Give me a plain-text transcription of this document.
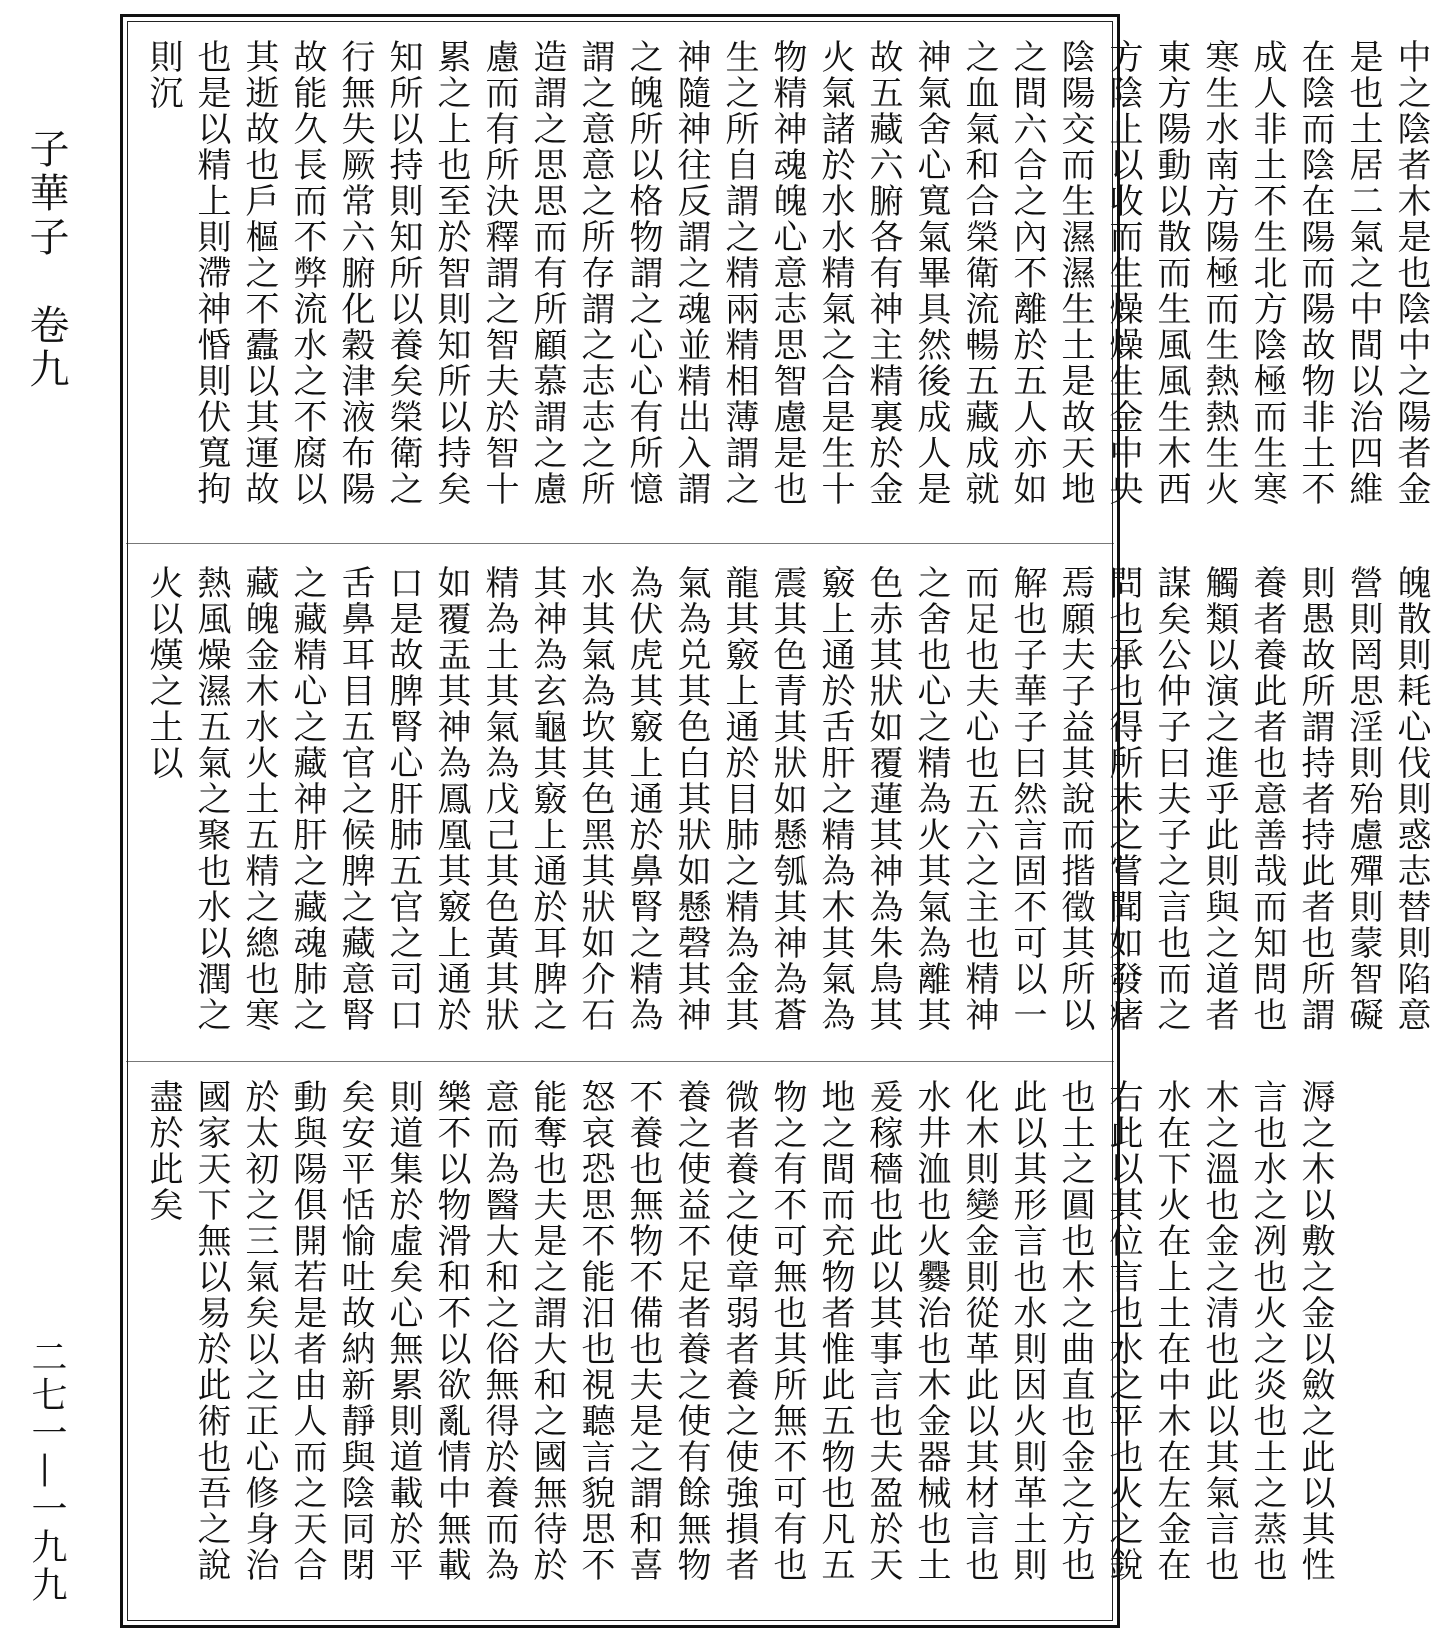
子華子　卷九
二七一—一九九
中之陰者木是也陰中之陽者金是也土居二氣之中間以治四維在陰而陰在陽而陽故物非土不成人非土不生北方陰極而生寒寒生水南方陽極而生熱熱生火東方陽動以散而生風風生木西方陰止以收而生燥燥生金中央陰陽交而生濕濕生土是故天地之間六合之內不離於五人亦如之血氣和合榮衛流暢五藏成就神氣舍心寬氣畢具然後成人是故五藏六腑各有神主精裏於金火氣諸於水水精氣之合是生十物精神魂魄心意志思智慮是也生之所自謂之精兩精相薄謂之神隨神往反謂之魂並精出入謂之魄所以格物謂之心心有所憶謂之意意之所存謂之志志之所造謂之思思而有所顧慕謂之慮慮而有所決釋謂之智夫於智十累之上也至於智則知所以持矣知所以持則知所以養矣榮衛之行無失厥常六腑化穀津液布陽故能久長而不弊流水之不腐以其逝故也戶樞之不蠹以其運故也是以精上則滯神惛則伏寬拘則沉
魄散則耗心伐則惑志替則陷意營則罔思淫則殆慮殫則蒙智礙則愚故所謂持者持此者也所謂養者養此者也意善哉而知問也觸類以演之進乎此則與之道者謀矣公仲子曰夫子之言也而之問也承也得所未之嘗聞如發瘏焉願夫子益其說而揩徵其所以解也子華子曰然言固不可以一而足也夫心也五六之主也精神之舍也心之精為火其氣為離其色赤其狀如覆蓮其神為朱鳥其竅上通於舌肝之精為木其氣為震其色青其狀如懸瓠其神為蒼龍其竅上通於目肺之精為金其氣為兑其色白其狀如懸磬其神為伏虎其竅上通於鼻腎之精為水其氣為坎其色黑其狀如介石其神為玄龜其竅上通於耳脾之精為土其氣為戊己其色黃其狀如覆盂其神為鳳凰其竅上通於口是故脾腎心肝肺五官之司口舌鼻耳目五官之候脾之藏意腎之藏精心之藏神肝之藏魂肺之藏魄金木水火土五精之總也寒熱風燥濕五氣之聚也水以潤之火以熯之土以
溽之木以敷之金以斂之此以其性言也水之冽也火之炎也土之蒸也木之溫也金之清也此以其氣言也水在下火在上土在中木在左金在右此以其位言也水之平也火之銳也土之圓也木之曲直也金之方也此以其形言也水則因火則革土則化木則變金則從革此以其材言也水井洫也火爨治也木金器械也土爰稼穡也此以其事言也夫盈於天地之間而充物者惟此五物也凡五物之有不可無也其所無不可有也微者養之使章弱者養之使強損者養之使益不足者養之使有餘無物不養也無物不備也夫是之謂和喜怒哀恐思不能汨也視聽言貌思不能奪也夫是之謂大和之國無待於意而為醫大和之俗無得於養而為樂不以物滑和不以欲亂情中無載則道集於虛矣心無累則道載於平矣安平恬愉吐故納新靜與陰同閉動與陽俱開若是者由人而之天合於太初之三氣矣以之正心修身治國家天下無以易於此術也吾之說盡於此矣
